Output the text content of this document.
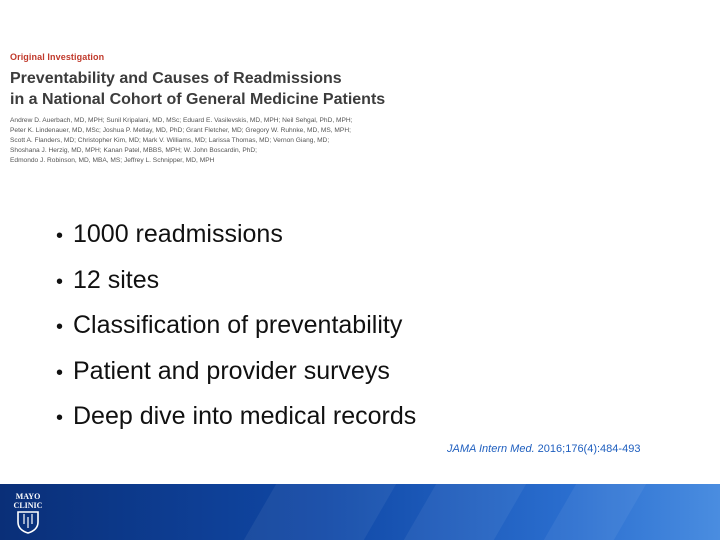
Original Investigation
Preventability and Causes of Readmissions
in a National Cohort of General Medicine Patients
Andrew D. Auerbach, MD, MPH; Sunil Kripalani, MD, MSc; Eduard E. Vasilevskis, MD, MPH; Neil Sehgal, PhD, MPH;
Peter K. Lindenauer, MD, MSc; Joshua P. Metlay, MD, PhD; Grant Fletcher, MD; Gregory W. Ruhnke, MD, MS, MPH;
Scott A. Flanders, MD; Christopher Kim, MD; Mark V. Williams, MD; Larissa Thomas, MD; Vernon Giang, MD;
Shoshana J. Herzig, MD, MPH; Kanan Patel, MBBS, MPH; W. John Boscardin, PhD;
Edmondo J. Robinson, MD, MBA, MS; Jeffrey L. Schnipper, MD, MPH
• 1000 readmissions
• 12 sites
• Classification of preventability
• Patient and provider surveys
• Deep dive into medical records
JAMA Intern Med. 2016;176(4):484-493
MAYO
CLINIC
